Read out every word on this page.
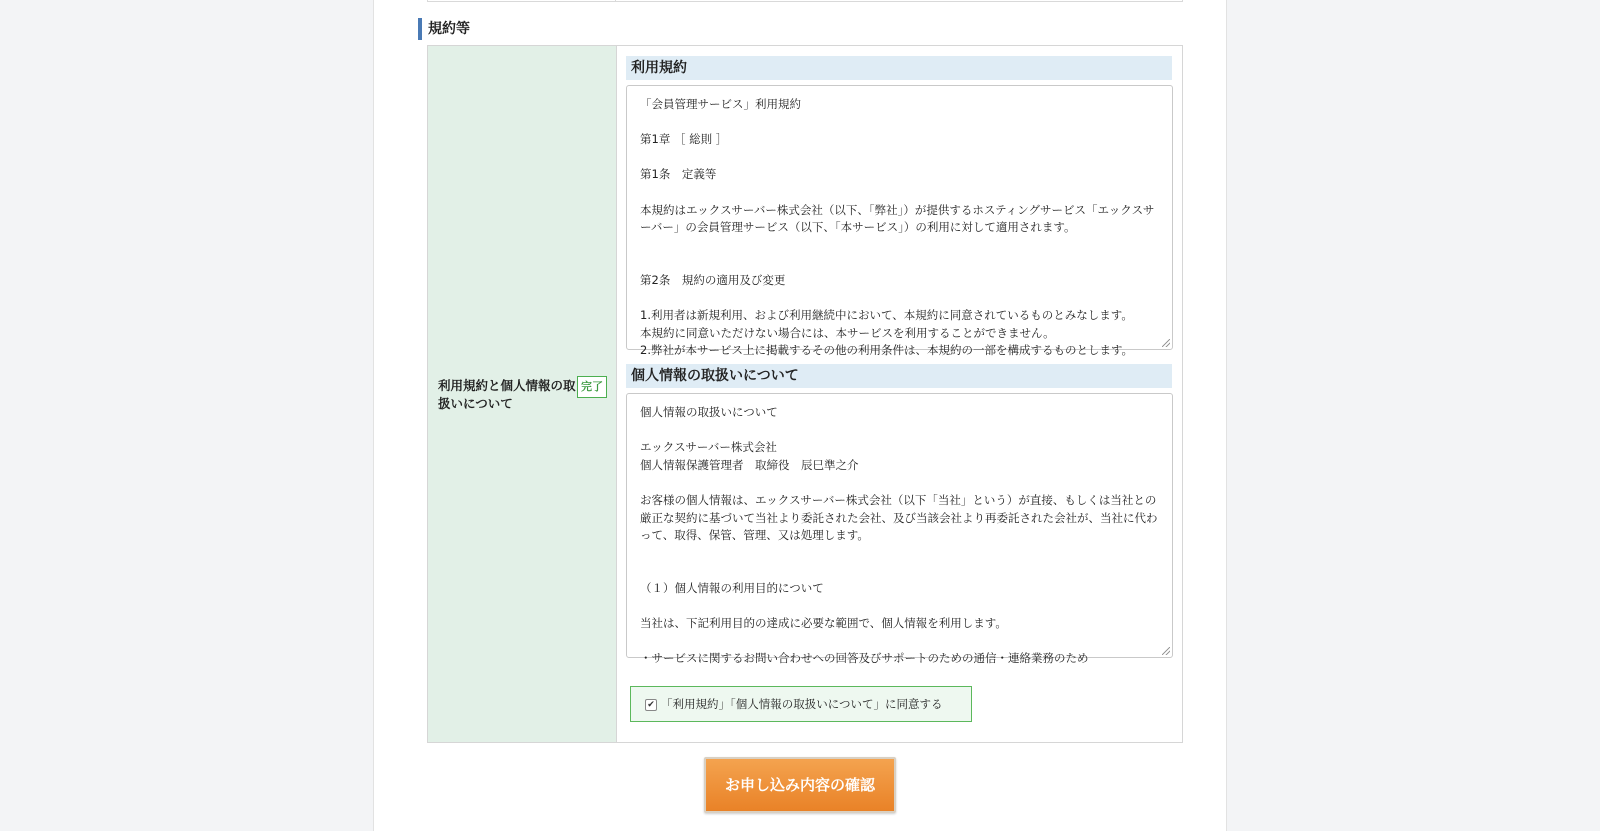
規約等
利用規約と個人情報の取扱いについて
完了
利用規約
「会員管理サービス」利用規約

第1章 ［ 総則 ］

第1条　定義等

本規約はエックスサーバー株式会社（以下、「弊社」）が提供するホスティングサービス「エックスサーバー」の会員管理サービス（以下、「本サービス」）の利用に対して適用されます。

第2条　規約の適用及び変更

1.利用者は新規利用、および利用継続中において、本規約に同意されているものとみなします。
本規約に同意いただけない場合には、本サービスを利用することができません。
2.弊社が本サービス上に掲載するその他の利用条件は、本規約の一部を構成するものとします。
個人情報の取扱いについて
個人情報の取扱いについて

エックスサーバー株式会社
個人情報保護管理者　取締役　辰巳準之介

お客様の個人情報は、エックスサーバー株式会社（以下「当社」という）が直接、もしくは当社との厳正な契約に基づいて当社より委託された会社、及び当該会社より再委託された会社が、当社に代わって、取得、保管、管理、又は処理します。

（１）個人情報の利用目的について

当社は、下記利用目的の達成に必要な範囲で、個人情報を利用します。

・サービスに関するお問い合わせへの回答及びサポートのための通信・連絡業務のため
✔ 「利用規約」「個人情報の取扱いについて」に同意する
お申し込み内容の確認
